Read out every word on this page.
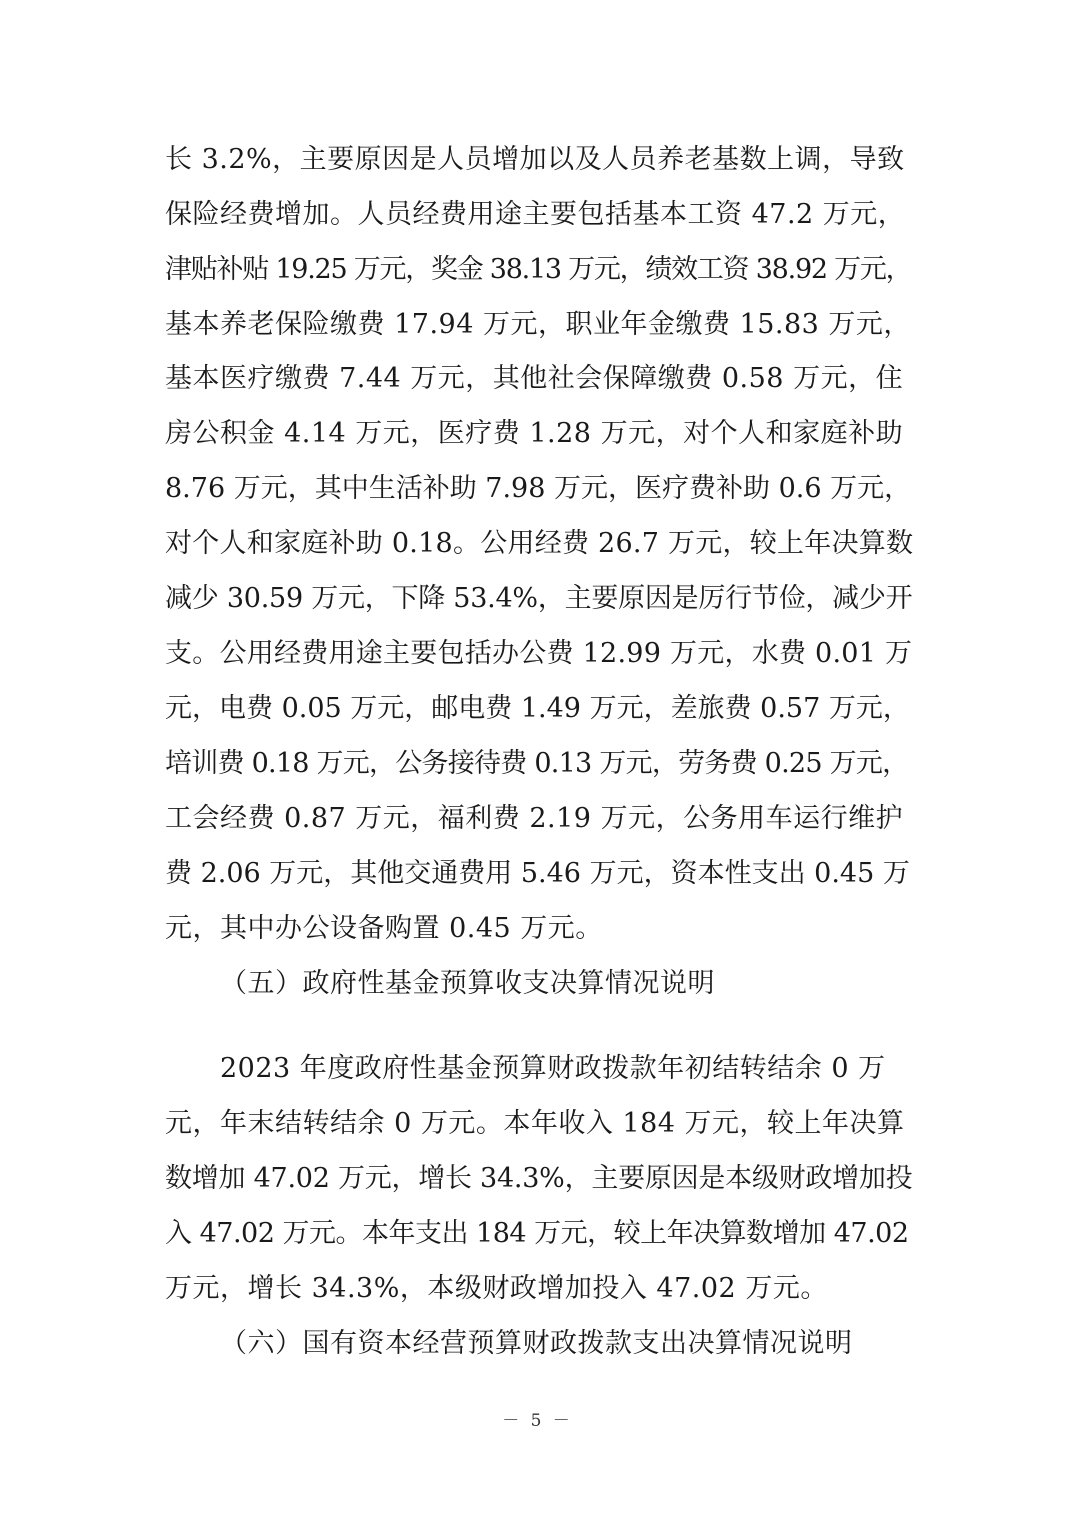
长 3.2%，主要原因是人员增加以及人员养老基数上调，导致
保险经费增加。人员经费用途主要包括基本工资 47.2 万元，
津贴补贴 19.25 万元，奖金 38.13 万元，绩效工资 38.92 万元，
基本养老保险缴费 17.94 万元，职业年金缴费 15.83 万元，
基本医疗缴费 7.44 万元，其他社会保障缴费 0.58 万元，住
房公积金 4.14 万元，医疗费 1.28 万元，对个人和家庭补助
8.76 万元，其中生活补助 7.98 万元，医疗费补助 0.6 万元，
对个人和家庭补助 0.18。公用经费 26.7 万元，较上年决算数
减少 30.59 万元，下降 53.4%，主要原因是厉行节俭，减少开
支。公用经费用途主要包括办公费 12.99 万元，水费 0.01 万
元，电费 0.05 万元，邮电费 1.49 万元，差旅费 0.57 万元，
培训费 0.18 万元，公务接待费 0.13 万元，劳务费 0.25 万元，
工会经费 0.87 万元，福利费 2.19 万元，公务用车运行维护
费 2.06 万元，其他交通费用 5.46 万元，资本性支出 0.45 万
元，其中办公设备购置 0.45 万元。
（五）政府性基金预算收支决算情况说明
2023 年度政府性基金预算财政拨款年初结转结余 0 万
元，年末结转结余 0 万元。本年收入 184 万元，较上年决算
数增加 47.02 万元，增长 34.3%，主要原因是本级财政增加投
入 47.02 万元。本年支出 184 万元，较上年决算数增加 47.02
万元，增长 34.3%，本级财政增加投入 47.02 万元。
（六）国有资本经营预算财政拨款支出决算情况说明
－ 5 －
